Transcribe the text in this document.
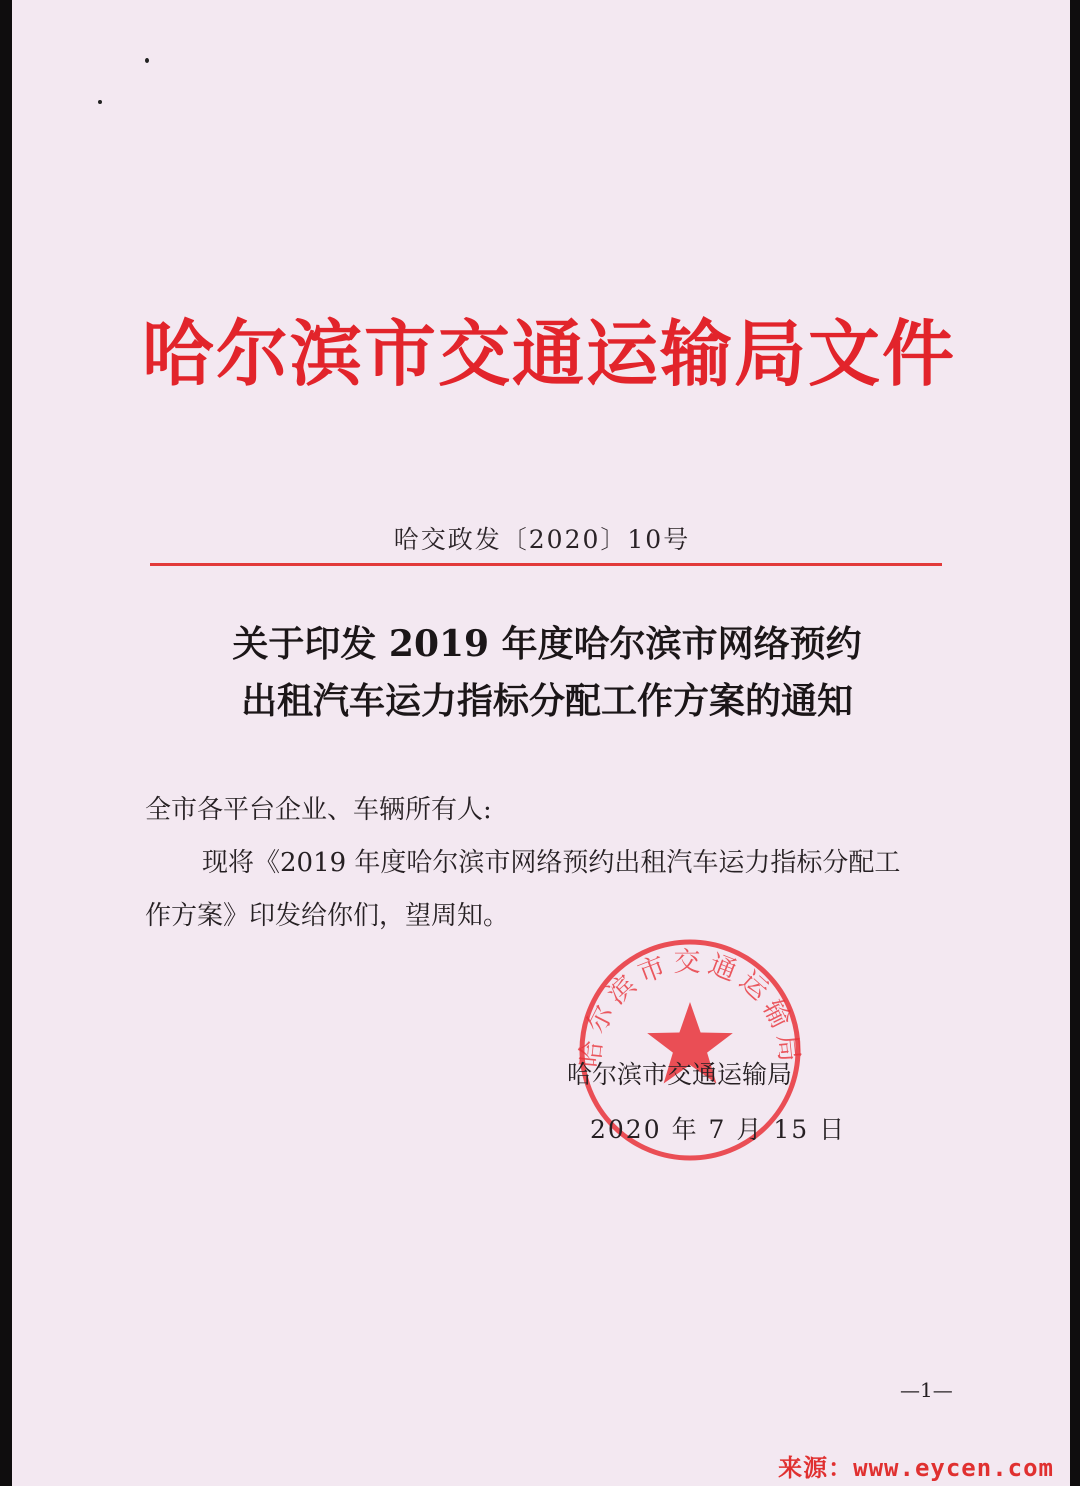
哈尔滨市交通运输局文件
哈交政发〔2020〕10号
关于印发 2019 年度哈尔滨市网络预约
出租汽车运力指标分配工作方案的通知
全市各平台企业、车辆所有人:
现将《2019 年度哈尔滨市网络预约出租汽车运力指标分配工
作方案》印发给你们，望周知。
哈尔滨市交通运输局
哈尔滨市交通运输局
2020 年 7 月 15 日
—1—
来源：www.eycen.com
